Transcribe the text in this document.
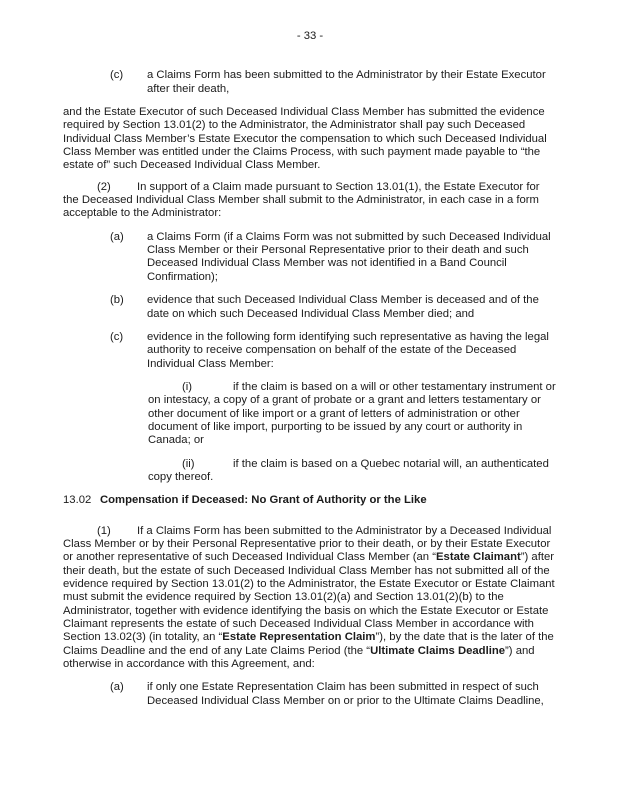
- 33 -

(c) a Claims Form has been submitted to the Administrator by their Estate Executor after their death,

and the Estate Executor of such Deceased Individual Class Member has submitted the evidence required by Section 13.01(2) to the Administrator, the Administrator shall pay such Deceased Individual Class Member’s Estate Executor the compensation to which such Deceased Individual Class Member was entitled under the Claims Process, with such payment made payable to “the estate of” such Deceased Individual Class Member.

(2) In support of a Claim made pursuant to Section 13.01(1), the Estate Executor for the Deceased Individual Class Member shall submit to the Administrator, in each case in a form acceptable to the Administrator:

(a) a Claims Form (if a Claims Form was not submitted by such Deceased Individual Class Member or their Personal Representative prior to their death and such Deceased Individual Class Member was not identified in a Band Council Confirmation);

(b) evidence that such Deceased Individual Class Member is deceased and of the date on which such Deceased Individual Class Member died; and

(c) evidence in the following form identifying such representative as having the legal authority to receive compensation on behalf of the estate of the Deceased Individual Class Member:

(i)	if the claim is based on a will or other testamentary instrument or on intestacy, a copy of a grant of probate or a grant and letters testamentary or other document of like import or a grant of letters of administration or other document of like import, purporting to be issued by any court or authority in Canada; or

(ii)	if the claim is based on a Quebec notarial will, an authenticated copy thereof.

13.02 Compensation if Deceased: No Grant of Authority or the Like

(1) If a Claims Form has been submitted to the Administrator by a Deceased Individual Class Member or by their Personal Representative prior to their death, or by their Estate Executor or another representative of such Deceased Individual Class Member (an “Estate Claimant”) after their death, but the estate of such Deceased Individual Class Member has not submitted all of the evidence required by Section 13.01(2) to the Administrator, the Estate Executor or Estate Claimant must submit the evidence required by Section 13.01(2)(a) and Section 13.01(2)(b) to the Administrator, together with evidence identifying the basis on which the Estate Executor or Estate Claimant represents the estate of such Deceased Individual Class Member in accordance with Section 13.02(3) (in totality, an “Estate Representation Claim”), by the date that is the later of the Claims Deadline and the end of any Late Claims Period (the “Ultimate Claims Deadline”) and otherwise in accordance with this Agreement, and:

(a) if only one Estate Representation Claim has been submitted in respect of such Deceased Individual Class Member on or prior to the Ultimate Claims Deadline,
